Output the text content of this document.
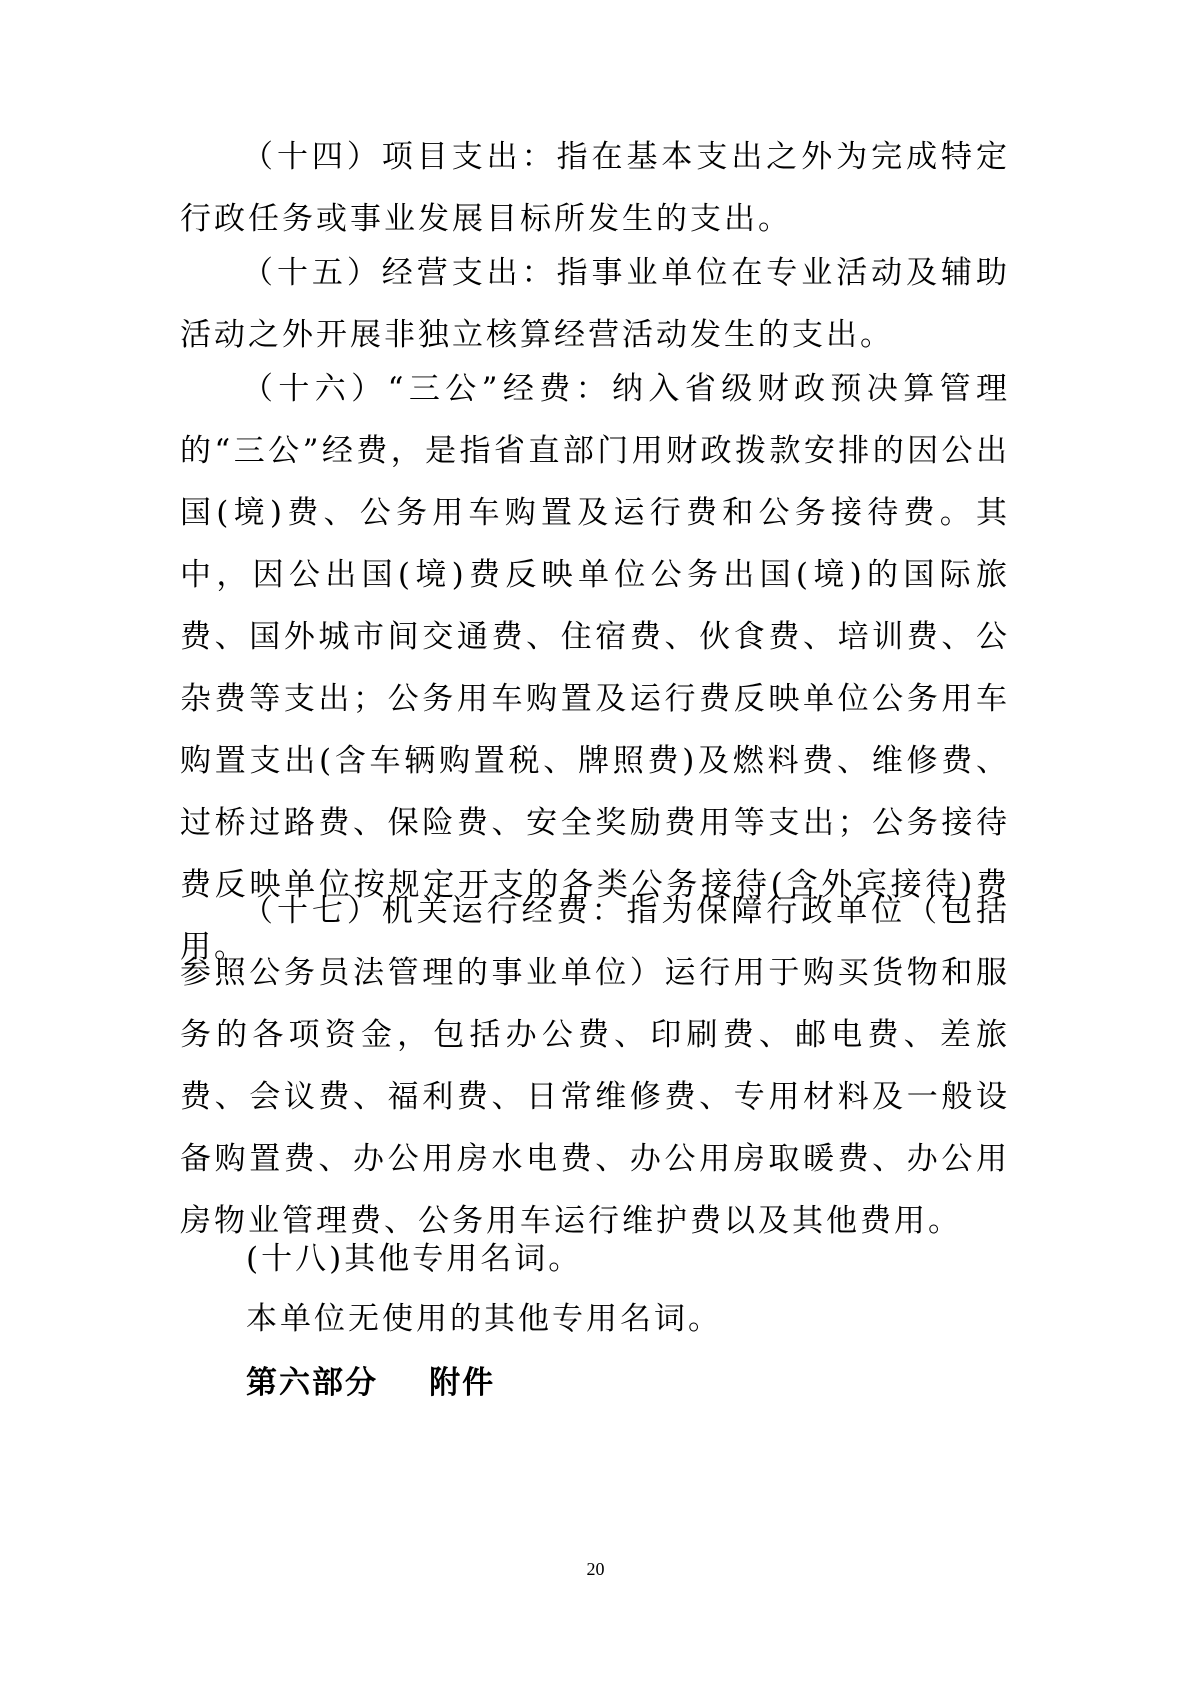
（十四）项目支出：指在基本支出之外为完成特定行政任务或事业发展目标所发生的支出。

（十五）经营支出：指事业单位在专业活动及辅助活动之外开展非独立核算经营活动发生的支出。

（十六）“三公”经费：纳入省级财政预决算管理的“三公”经费，是指省直部门用财政拨款安排的因公出国(境)费、公务用车购置及运行费和公务接待费。其中，因公出国(境)费反映单位公务出国(境)的国际旅费、国外城市间交通费、住宿费、伙食费、培训费、公杂费等支出；公务用车购置及运行费反映单位公务用车购置支出(含车辆购置税、牌照费)及燃料费、维修费、过桥过路费、保险费、安全奖励费用等支出；公务接待费反映单位按规定开支的各类公务接待(含外宾接待)费用。

（十七）机关运行经费：指为保障行政单位（包括参照公务员法管理的事业单位）运行用于购买货物和服务的各项资金，包括办公费、印刷费、邮电费、差旅费、会议费、福利费、日常维修费、专用材料及一般设备购置费、办公用房水电费、办公用房取暖费、办公用房物业管理费、公务用车运行维护费以及其他费用。

(十八)其他专用名词。

本单位无使用的其他专用名词。

第六部分    附件

20
